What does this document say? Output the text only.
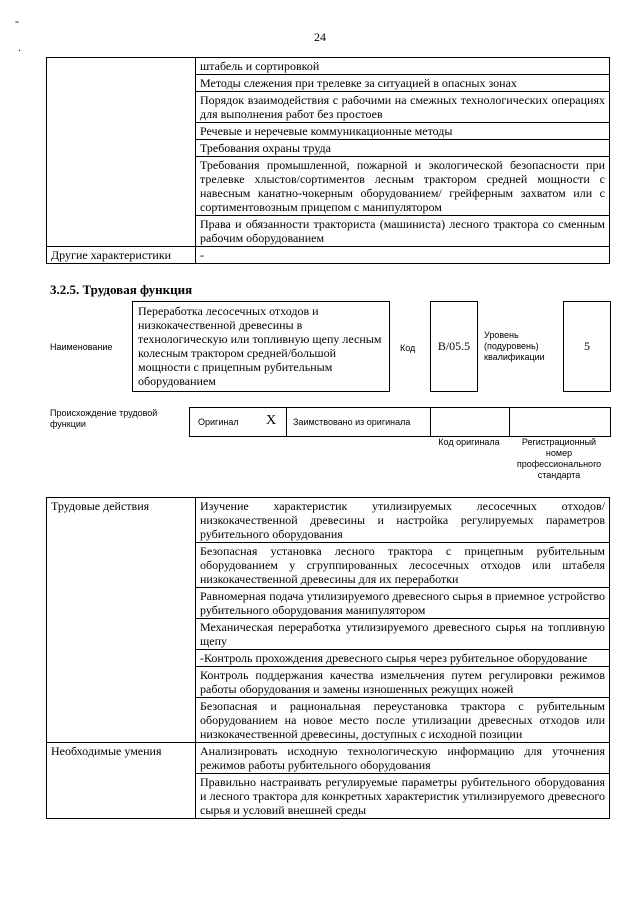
-
.
24
	штабель и сортировкой
	Методы слежения при трелевке за ситуацией в опасных зонах
	Порядок взаимодействия с рабочими на смежных технологических операциях для выполнения работ без простоев
	Речевые и неречевые коммуникационные методы
	Требования охраны труда
	Требования промышленной, пожарной и экологической безопасности при трелевке хлыстов/сортиментов лесным трактором средней мощности с навесным канатно-чокерным оборудованием/ грейферным захватом или с сортиментовозным прицепом с манипулятором
	Права и обязанности тракториста (машиниста) лесного трактора со сменным рабочим оборудованием
Другие характеристики	-
3.2.5. Трудовая функция
Наименование
Переработка лесосечных отходов и низкокачественной древесины в технологическую или топливную щепу лесным колесным трактором средней/большой мощности с прицепным рубительным оборудованием
Код B/05.5
Уровень (подуровень) квалификации
5
Происхождение трудовой функции	Оригинал X Заимствовано из оригинала
Код оригинала	Регистрационный номер профессионального стандарта
Трудовые действия	Изучение характеристик утилизируемых лесосечных отходов/ низкокачественной древесины и настройка регулируемых параметров рубительного оборудования
	Безопасная установка лесного трактора с прицепным рубительным оборудованием у сгруппированных лесосечных отходов или штабеля низкокачественной древесины для их переработки
	Равномерная подача утилизируемого древесного сырья в приемное устройство рубительного оборудования манипулятором
	Механическая переработка утилизируемого древесного сырья на топливную щепу
	-Контроль прохождения древесного сырья через рубительное оборудование
	Контроль поддержания качества измельчения путем регулировки режимов работы оборудования и замены изношенных режущих ножей
	Безопасная и рациональная переустановка трактора с рубительным оборудованием на новое место после утилизации древесных отходов или низкокачественной древесины, доступных с исходной позиции
Необходимые умения	Анализировать исходную технологическую информацию для уточнения режимов работы рубительного оборудования
	Правильно настраивать регулируемые параметры рубительного оборудования и лесного трактора для конкретных характеристик утилизируемого древесного сырья и условий внешней среды
